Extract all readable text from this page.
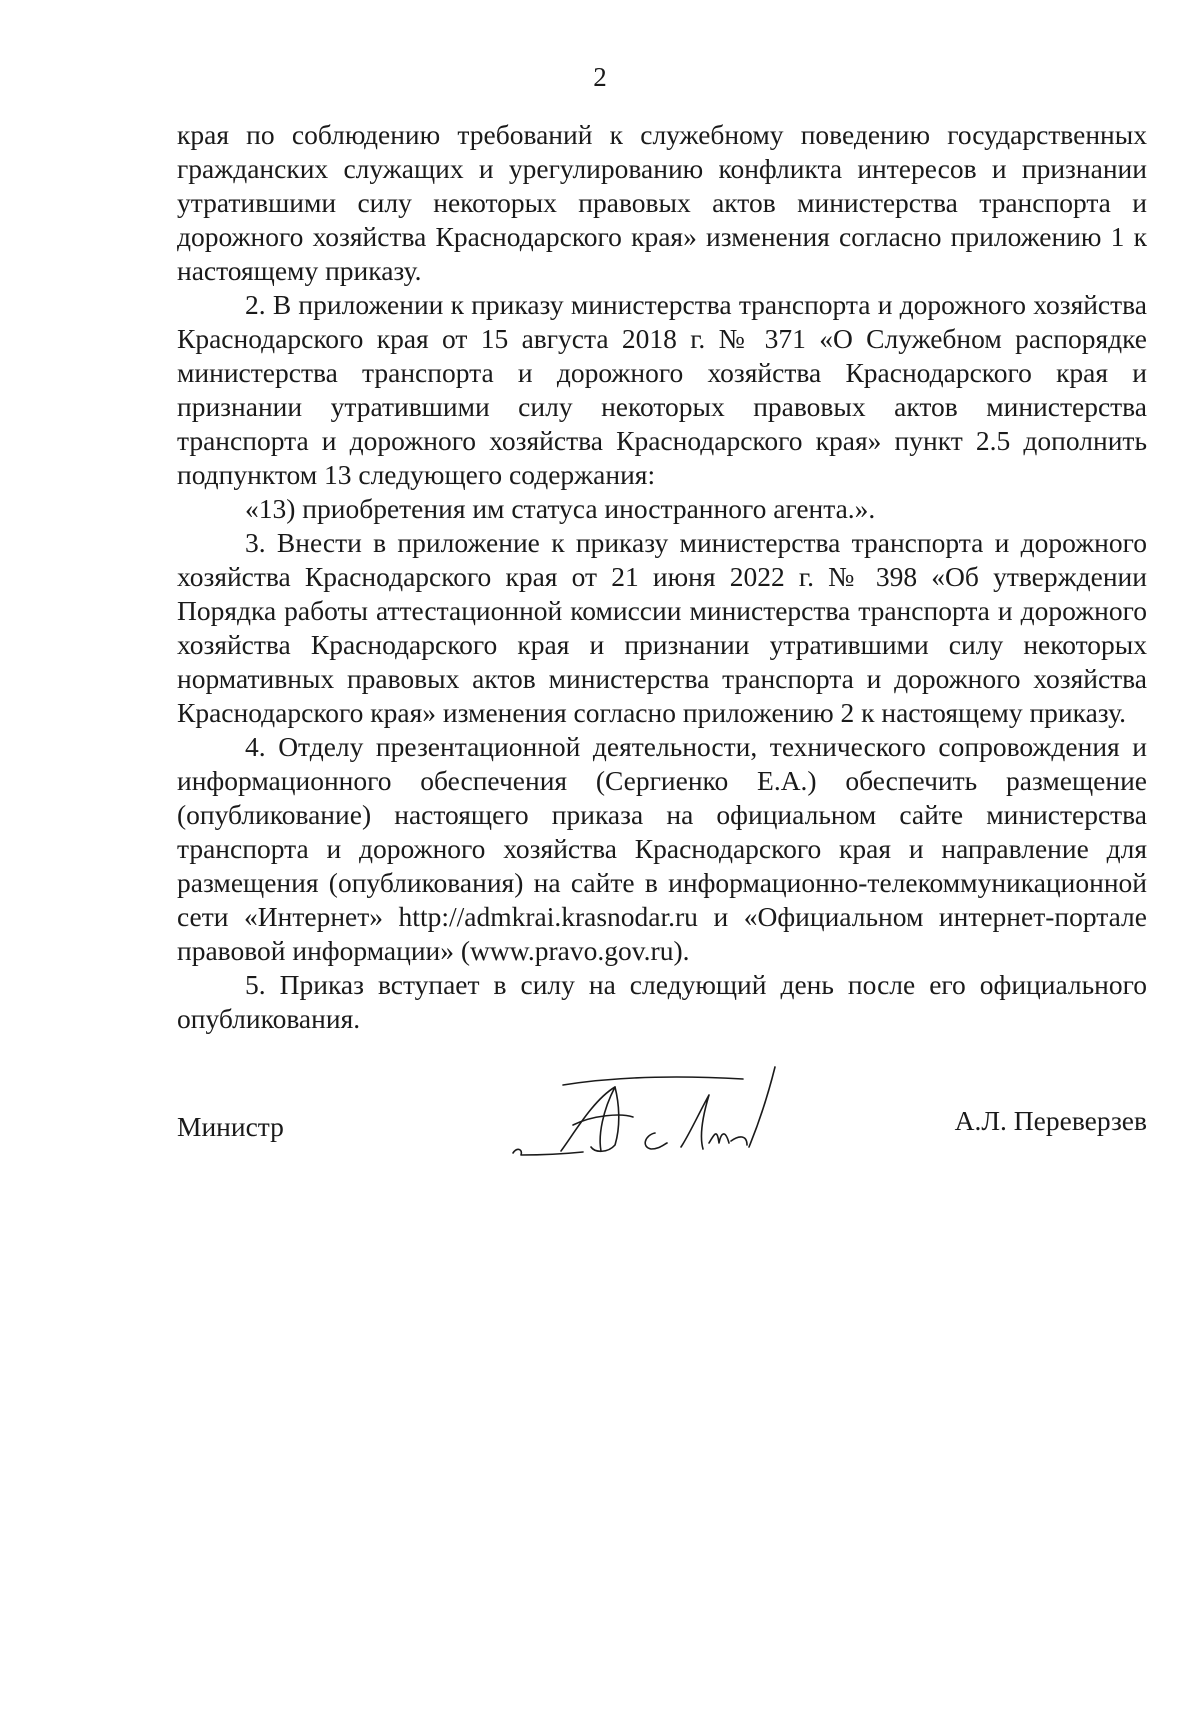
2

края по соблюдению требований к служебному поведению государственных гражданских служащих и урегулированию конфликта интересов и признании утратившими силу некоторых правовых актов министерства транспорта и дорожного хозяйства Краснодарского края» изменения согласно приложению 1 к настоящему приказу.

2. В приложении к приказу министерства транспорта и дорожного хозяйства Краснодарского края от 15 августа 2018 г. № 371 «О Служебном распорядке министерства транспорта и дорожного хозяйства Краснодарского края и признании утратившими силу некоторых правовых актов министерства транспорта и дорожного хозяйства Краснодарского края» пункт 2.5 дополнить подпунктом 13 следующего содержания:

«13) приобретения им статуса иностранного агента.».

3. Внести в приложение к приказу министерства транспорта и дорожного хозяйства Краснодарского края от 21 июня 2022 г. № 398 «Об утверждении Порядка работы аттестационной комиссии министерства транспорта и дорожного хозяйства Краснодарского края и признании утратившими силу некоторых нормативных правовых актов министерства транспорта и дорожного хозяйства Краснодарского края» изменения согласно приложению 2 к настоящему приказу.

4. Отделу презентационной деятельности, технического сопровождения и информационного обеспечения (Сергиенко Е.А.) обеспечить размещение (опубликование) настоящего приказа на официальном сайте министерства транспорта и дорожного хозяйства Краснодарского края и направление для размещения (опубликования) на сайте в информационно-телекоммуникационной сети «Интернет» http://admkrai.krasnodar.ru и «Официальном интернет-портале правовой информации» (www.pravo.gov.ru).

5. Приказ вступает в силу на следующий день после его официального опубликования.

Министр	А.Л. Переверзев
